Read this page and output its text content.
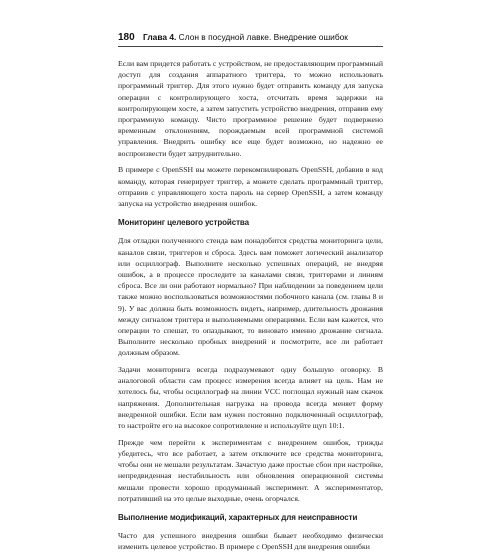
180 Глава 4. Слон в посудной лавке. Внедрение ошибок

Если вам придется работать с устройством, не предоставляющим программный доступ для создания аппаратного триггера, то можно использовать программный триггер. Для этого нужно будет отправить команду для запуска операции с контролирующего хоста, отсчитать время задержки на контролирующем хосте, а затем запустить устройство внедрения, отправив ему программную команду. Чисто программное решение будет подвержено временным отклонениям, порождаемым всей программной системой управления. Внедрить ошибку все еще будет возможно, но надежно ее воспроизвести будет затруднительно.

В примере с OpenSSH вы можете перекомпилировать OpenSSH, добавив в код команду, которая генерирует триггер, а можете сделать программный триггер, отправив с управляющего хоста пароль на сервер OpenSSH, а затем команду запуска на устройство внедрения ошибок.

Мониторинг целевого устройства

Для отладки полученного стенда вам понадобится средства мониторинга цели, каналов связи, триггеров и сброса. Здесь вам поможет логический анализатор или осциллограф. Выполните несколько успешных операций, не внедряя ошибок, а в процессе проследите за каналами связи, триггерами и линиям сброса. Все ли они работают нормально? При наблюдении за поведением цели также можно воспользоваться возможностями побочного канала (см. главы 8 и 9). У вас должна быть возможность видеть, например, длительность дрожания между сигналом триггера и выполняемыми операциями. Если вам кажется, что операции то спешат, то опаздывают, то виновато именно дрожание сигнала. Выполните несколько пробных внедрений и посмотрите, все ли работает должным образом.

Задачи мониторинга всегда подразумевают одну большую оговорку. В аналоговой области сам процесс измерения всегда влияет на цель. Нам не хотелось бы, чтобы осциллограф на линии VCC поглощал нужный нам скачок напряжения. Дополнительная нагрузка на провода всегда меняет форму внедренной ошибки. Если вам нужен постоянно подключенный осциллограф, то настройте его на высокое сопротивление и используйте щуп 10:1.

Прежде чем перейти к экспериментам с внедрением ошибок, трижды убедитесь, что все работает, а затем отключите все средства мониторинга, чтобы они не мешали результатам. Зачастую даже простые сбои при настройке, непредвиденная нестабильность или обновления операционной системы мешали провести хорошо продуманный эксперимент. А экспериментатор, потративший на это целые выходные, очень огорчался.

Выполнение модификаций, характерных для неисправности

Часто для успешного внедрения ошибки бывает необходимо физически изменить целевое устройство. В примере с OpenSSH для внедрения ошибки
